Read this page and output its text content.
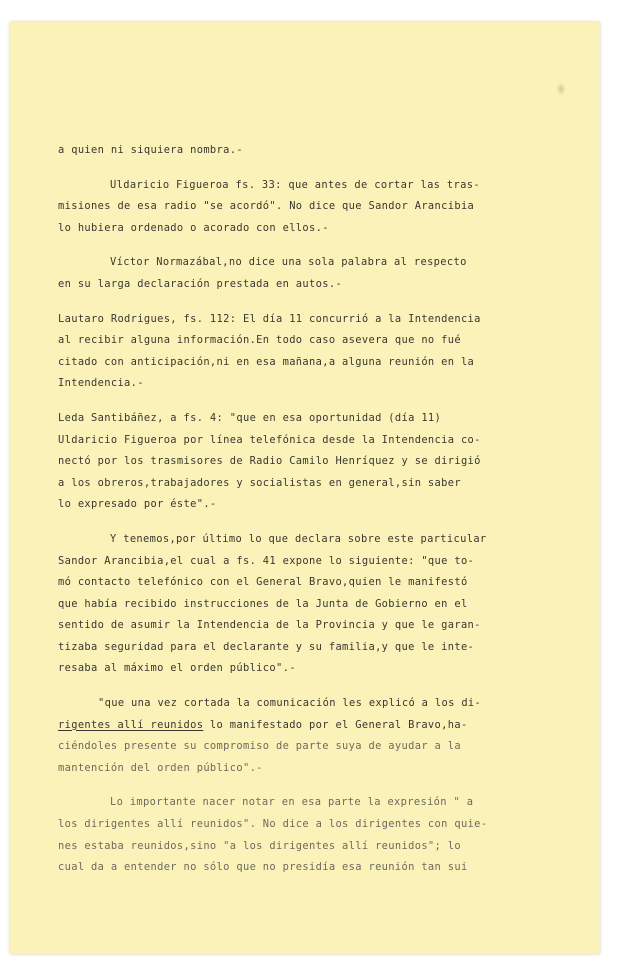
a quien ni siquiera nombra.-
Uldaricio Figueroa fs. 33: que antes de cortar las tras-
misiones de esa radio "se acordó". No dice que Sandor Arancibia
lo hubiera ordenado o acorado con ellos.-
Víctor Normazábal,no dice una sola palabra al respecto
en su larga declaración prestada en autos.-
Lautaro Rodrigues, fs. 112: El día 11 concurrió a la Intendencia
al recibir alguna información.En todo caso asevera que no fué
citado con anticipación,ni en esa mañana,a alguna reunión en la
Intendencia.-
Leda Santibáñez, a fs. 4: "que en esa oportunidad (día 11)
Uldaricio Figueroa por línea telefónica desde la Intendencia co-
nectó por los trasmisores de Radio Camilo Henríquez y se dirigió
a los obreros,trabajadores y socialistas en general,sin saber
lo expresado por éste".-
Y tenemos,por último lo que declara sobre este particular
Sandor Arancibia,el cual a fs. 41 expone lo siguiente: "que to-
mó contacto telefónico con el General Bravo,quien le manifestó
que había recibido instrucciones de la Junta de Gobierno en el
sentido de asumir la Intendencia de la Provincia y que le garan-
tizaba seguridad para el declarante y su familia,y que le inte-
resaba al máximo el orden público".-
"que una vez cortada la comunicación les explicó a los di-
rigentes allí reunidos lo manifestado por el General Bravo,ha-
ciéndoles presente su compromiso de parte suya de ayudar a la
mantención del orden público".-
Lo importante nacer notar en esa parte la expresión " a
los dirigentes allí reunidos". No dice a los dirigentes con quie-
nes estaba reunidos,sino "a los dirigentes allí reunidos"; lo
cual da a entender no sólo que no presidía esa reunión tan sui
